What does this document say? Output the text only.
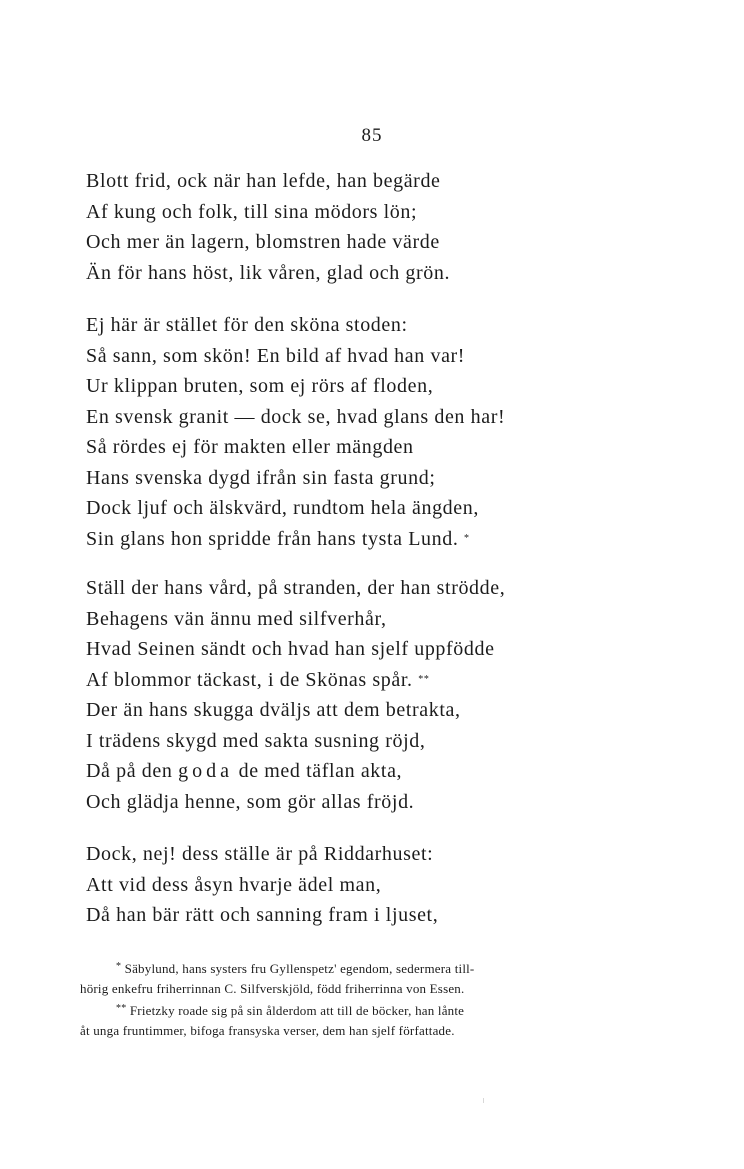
85
Blott frid, ock när han lefde, han begärde
Af kung och folk, till sina mödors lön;
Och mer än lagern, blomstren hade värde
Än för hans höst, lik våren, glad och grön.
Ej här är stället för den sköna stoden:
Så sann, som skön! En bild af hvad han var!
Ur klippan bruten, som ej rörs af floden,
En svensk granit — dock se, hvad glans den har!
Så rördes ej för makten eller mängden
Hans svenska dygd ifrån sin fasta grund;
Dock ljuf och älskvärd, rundtom hela ängden,
Sin glans hon spridde från hans tysta Lund. *
Ställ der hans vård, på stranden, der han strödde,
Behagens vän ännu med silfverhår,
Hvad Seinen sändt och hvad han sjelf uppfödde
Af blommor täckast, i de Skönas spår. **
Der än hans skugga dväljs att dem betrakta,
I trädens skygd med sakta susning röjd,
Då på den goda de med täflan akta,
Och glädja henne, som gör allas fröjd.
Dock, nej! dess ställe är på Riddarhuset:
Att vid dess åsyn hvarje ädel man,
Då han bär rätt och sanning fram i ljuset,
* Säbylund, hans systers fru Gyllenspetz' egendom, sedermera till-
hörig enkefru friherrinnan C. Silfverskjöld, född friherrinna von Essen.
** Frietzky roade sig på sin ålderdom att till de böcker, han lånte
åt unga fruntimmer, bifoga fransyska verser, dem han sjelf författade.
